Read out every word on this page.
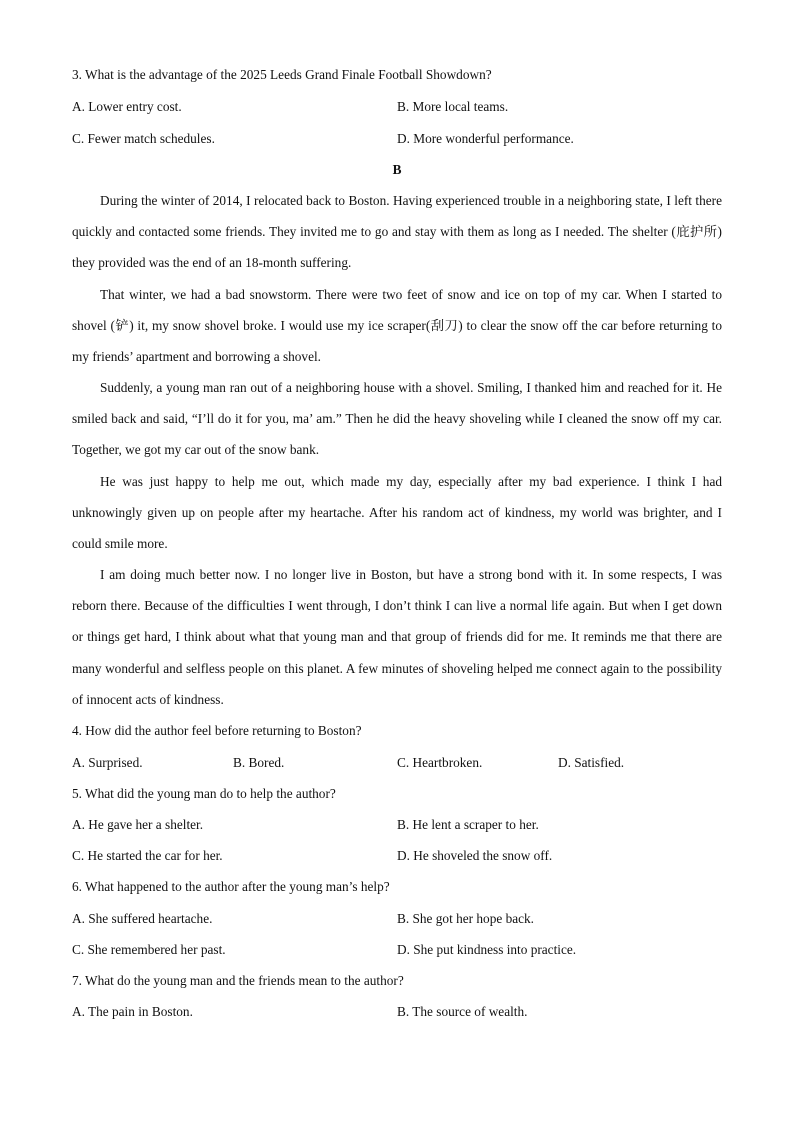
3. What is the advantage of the 2025 Leeds Grand Finale Football Showdown?
A. Lower entry cost.	B. More local teams.
C. Fewer match schedules.	D. More wonderful performance.
B
During the winter of 2014, I relocated back to Boston. Having experienced trouble in a neighboring state, I left there quickly and contacted some friends. They invited me to go and stay with them as long as I needed. The shelter (庇护所) they provided was the end of an 18-month suffering.
That winter, we had a bad snowstorm. There were two feet of snow and ice on top of my car. When I started to shovel (铲) it, my snow shovel broke. I would use my ice scraper(刮刀) to clear the snow off the car before returning to my friends’ apartment and borrowing a shovel.
Suddenly, a young man ran out of a neighboring house with a shovel. Smiling, I thanked him and reached for it. He smiled back and said, “I’ll do it for you, ma’ am.” Then he did the heavy shoveling while I cleaned the snow off my car. Together, we got my car out of the snow bank.
He was just happy to help me out, which made my day, especially after my bad experience. I think I had unknowingly given up on people after my heartache. After his random act of kindness, my world was brighter, and I could smile more.
I am doing much better now. I no longer live in Boston, but have a strong bond with it. In some respects, I was reborn there. Because of the difficulties I went through, I don’t think I can live a normal life again. But when I get down or things get hard, I think about what that young man and that group of friends did for me. It reminds me that there are many wonderful and selfless people on this planet. A few minutes of shoveling helped me connect again to the possibility of innocent acts of kindness.
4. How did the author feel before returning to Boston?
A. Surprised.	B. Bored.	C. Heartbroken.	D. Satisfied.
5. What did the young man do to help the author?
A. He gave her a shelter.	B. He lent a scraper to her.
C. He started the car for her.	D. He shoveled the snow off.
6. What happened to the author after the young man’s help?
A. She suffered heartache.	B. She got her hope back.
C. She remembered her past.	D. She put kindness into practice.
7. What do the young man and the friends mean to the author?
A. The pain in Boston.	B. The source of wealth.
